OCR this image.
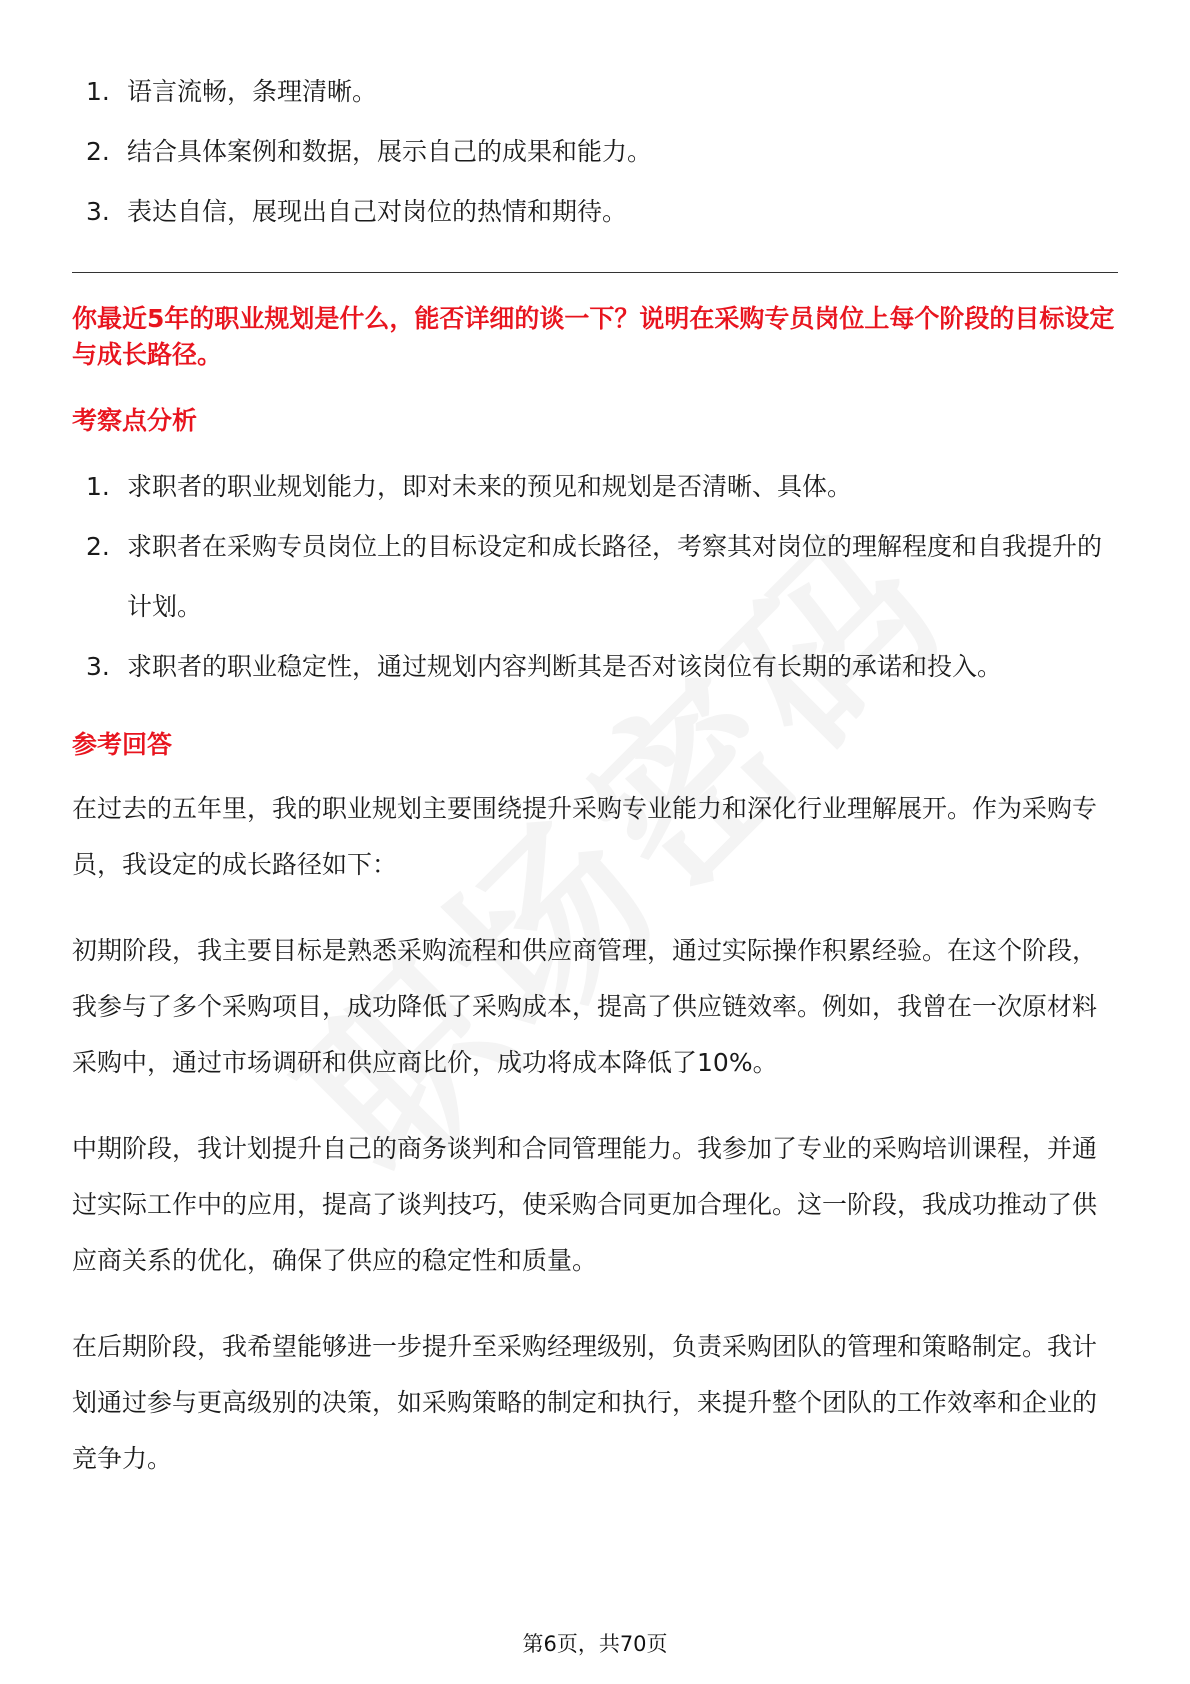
1. 语言流畅，条理清晰。
2. 结合具体案例和数据，展示自己的成果和能力。
3. 表达自信，展现出自己对岗位的热情和期待。

你最近5年的职业规划是什么，能否详细的谈一下？说明在采购专员岗位上每个阶段的目标设定与成长路径。

考察点分析
1. 求职者的职业规划能力，即对未来的预见和规划是否清晰、具体。
2. 求职者在采购专员岗位上的目标设定和成长路径，考察其对岗位的理解程度和自我提升的计划。
3. 求职者的职业稳定性，通过规划内容判断其是否对该岗位有长期的承诺和投入。
参考回答

在过去的五年里，我的职业规划主要围绕提升采购专业能力和深化行业理解展开。作为采购专员，我设定的成长路径如下：

初期阶段，我主要目标是熟悉采购流程和供应商管理，通过实际操作积累经验。在这个阶段，我参与了多个采购项目，成功降低了采购成本，提高了供应链效率。例如，我曾在一次原材料采购中，通过市场调研和供应商比价，成功将成本降低了10%。

中期阶段，我计划提升自己的商务谈判和合同管理能力。我参加了专业的采购培训课程，并通过实际工作中的应用，提高了谈判技巧，使采购合同更加合理化。这一阶段，我成功推动了供应商关系的优化，确保了供应的稳定性和质量。

在后期阶段，我希望能够进一步提升至采购经理级别，负责采购团队的管理和策略制定。我计划通过参与更高级别的决策，如采购策略的制定和执行，来提升整个团队的工作效率和企业的竞争力。

第6页，共70页
